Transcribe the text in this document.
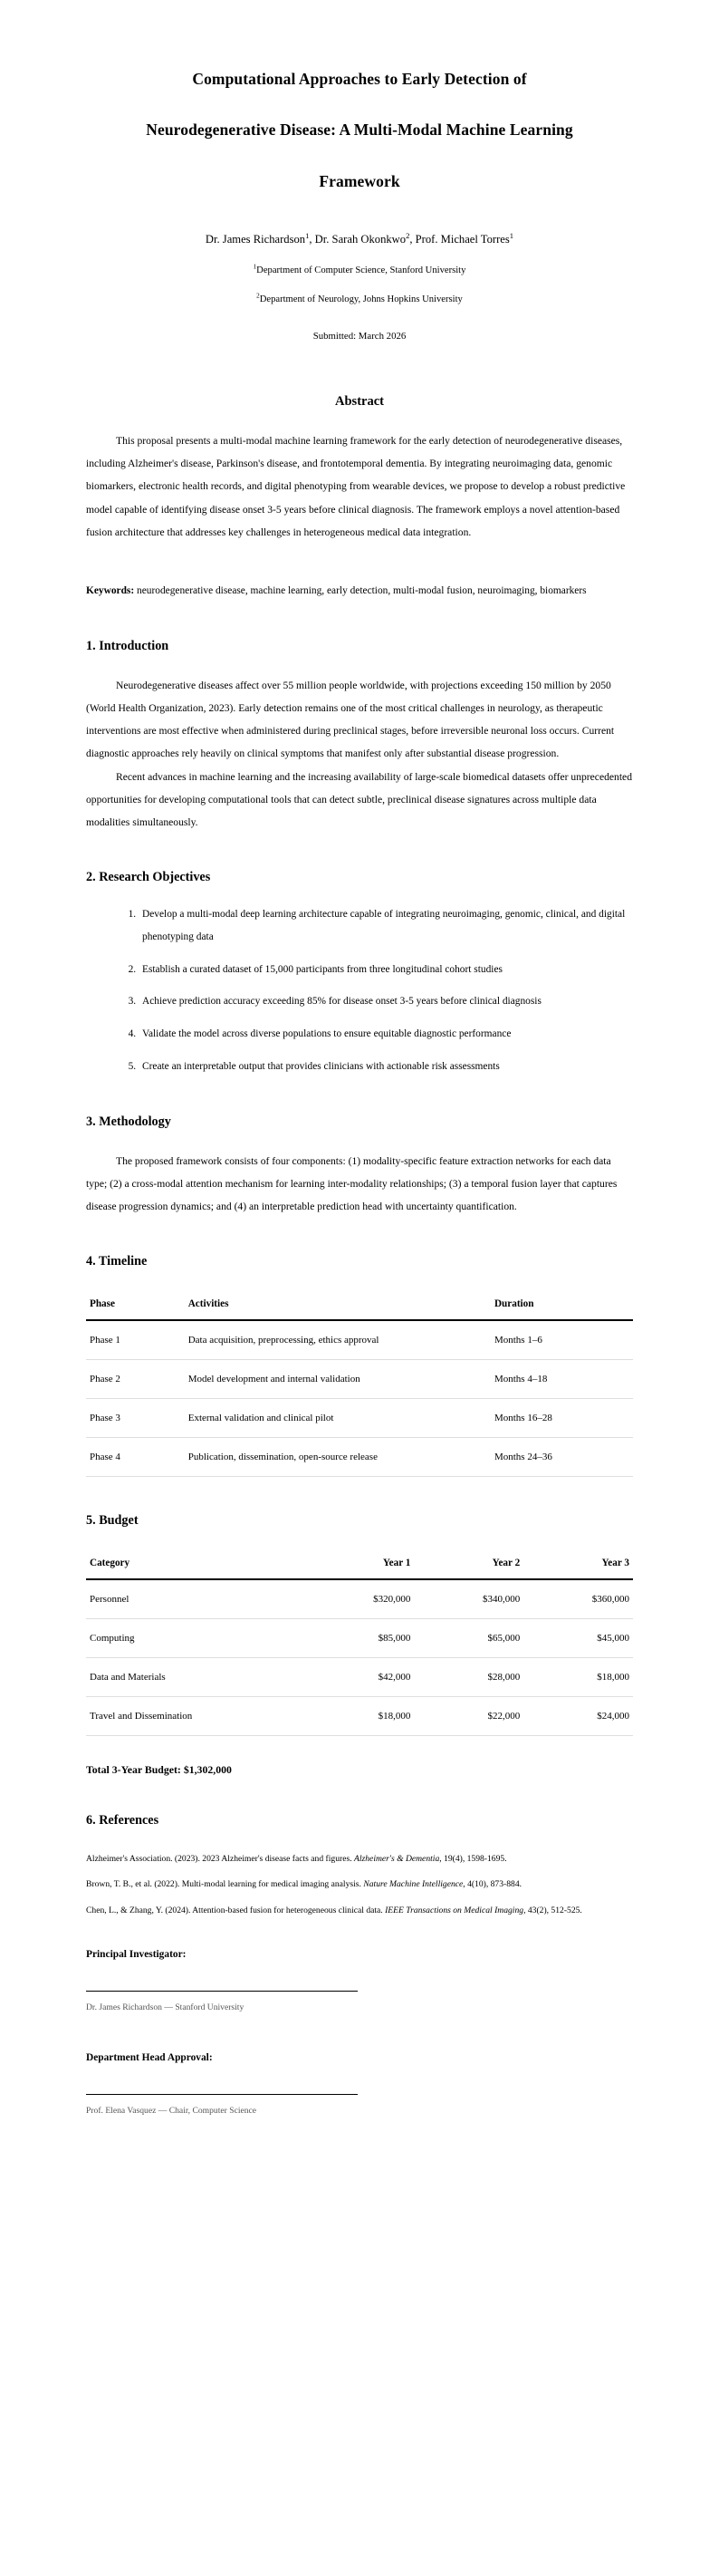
Computational Approaches to Early Detection of
Neurodegenerative Disease: A Multi-Modal Machine Learning
Framework
Dr. James Richardson$^1$, Dr. Sarah Okonkwo$^2$, Prof. Michael Torres$^1$
$^1$Department of Computer Science, Stanford University
$^2$Department of Neurology, Johns Hopkins University
Submitted: March 2026
Abstract

This proposal presents a multi-modal machine learning framework for the early detection of neurodegenerative diseases, including Alzheimer's disease, Parkinson's disease, and frontotemporal dementia. By integrating neuroimaging data, genomic biomarkers, electronic health records, and digital phenotyping from wearable devices, we propose to develop a robust predictive model capable of identifying disease onset 3-5 years before clinical diagnosis. The framework employs a novel attention-based fusion architecture that addresses key challenges in heterogeneous medical data integration.

Keywords: neurodegenerative disease, machine learning, early detection, multi-modal fusion, neuroimaging, biomarkers
1. Introduction

Neurodegenerative diseases affect over 55 million people worldwide, with projections exceeding 150 million by 2050 (World Health Organization, 2023). Early detection remains one of the most critical challenges in neurology, as therapeutic interventions are most effective when administered during preclinical stages, before irreversible neuronal loss occurs. Current diagnostic approaches rely heavily on clinical symptoms that manifest only after substantial disease progression.

Recent advances in machine learning and the increasing availability of large-scale biomedical datasets offer unprecedented opportunities for developing computational tools that can detect subtle, preclinical disease signatures across multiple data modalities simultaneously.

2. Research Objectives
1. Develop a multi-modal deep learning architecture capable of integrating neuroimaging, genomic, clinical, and digital phenotyping data
2. Establish a curated dataset of 15,000 participants from three longitudinal cohort studies
3. Achieve prediction accuracy exceeding 85% for disease onset 3-5 years before clinical diagnosis
4. Validate the model across diverse populations to ensure equitable diagnostic performance
5. Create an interpretable output that provides clinicians with actionable risk assessments
3. Methodology

The proposed framework consists of four components: (1) modality-specific feature extraction networks for each data type; (2) a cross-modal attention mechanism for learning inter-modality relationships; (3) a temporal fusion layer that captures disease progression dynamics; and (4) an interpretable prediction head with uncertainty quantification.

4. Timeline
Phase	Activities	Duration
Phase 1	Data acquisition, preprocessing, ethics approval	Months 1–6
Phase 2	Model development and internal validation	Months 4–18
Phase 3	External validation and clinical pilot	Months 16–28
Phase 4	Publication, dissemination, open-source release	Months 24–36
5. Budget
Category	Year 1	Year 2	Year 3
Personnel	$320,000	$340,000	$360,000
Computing	$85,000	$65,000	$45,000
Data and Materials	$42,000	$28,000	$18,000
Travel and Dissemination	$18,000	$22,000	$24,000
Total 3-Year Budget: $1,302,000
6. References
Alzheimer's Association. (2023). 2023 Alzheimer's disease facts and figures. Alzheimer's & Dementia, 19(4), 1598-1695.
Brown, T. B., et al. (2022). Multi-modal learning for medical imaging analysis. Nature Machine Intelligence, 4(10), 873-884.
Chen, L., & Zhang, Y. (2024). Attention-based fusion for heterogeneous clinical data. IEEE Transactions on Medical Imaging, 43(2), 512-525.
Principal Investigator:
Dr. James Richardson — Stanford University
Department Head Approval:
Prof. Elena Vasquez — Chair, Computer Science
